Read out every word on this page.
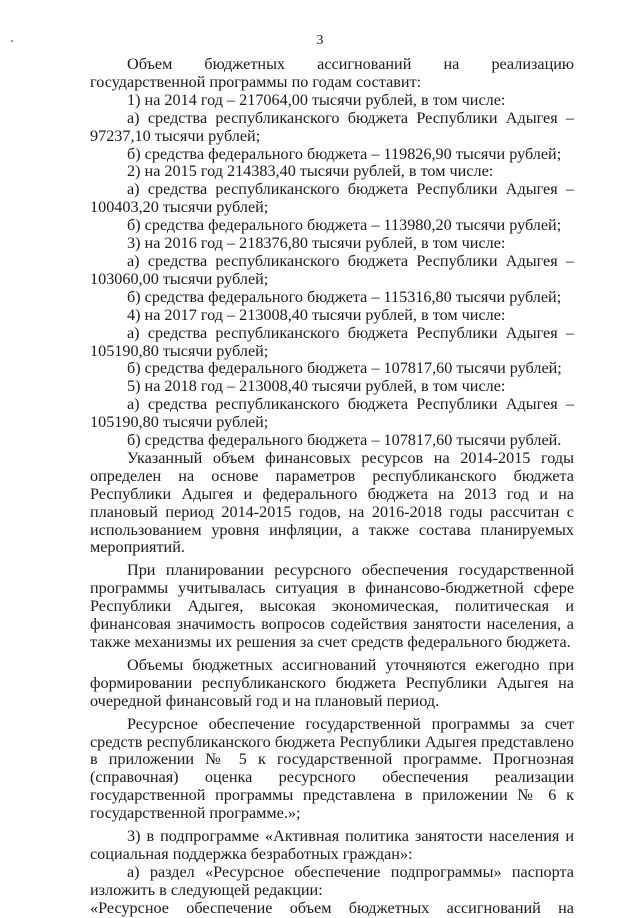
3

Объем бюджетных ассигнований на реализацию государственной программы по годам составит:

1) на 2014 год – 217064,00 тысячи рублей, в том числе:

а) средства республиканского бюджета Республики Адыгея – 97237,10 тысячи рублей;

б) средства федерального бюджета – 119826,90 тысячи рублей;

2) на 2015 год 214383,40 тысячи рублей, в том числе:

а) средства республиканского бюджета Республики Адыгея – 100403,20 тысячи рублей;

б) средства федерального бюджета – 113980,20 тысячи рублей;

3) на 2016 год – 218376,80 тысячи рублей, в том числе:

а) средства республиканского бюджета Республики Адыгея – 103060,00 тысячи рублей;

б) средства федерального бюджета – 115316,80 тысячи рублей;

4) на 2017 год – 213008,40 тысячи рублей, в том числе:

а) средства республиканского бюджета Республики Адыгея – 105190,80 тысячи рублей;

б) средства федерального бюджета – 107817,60 тысячи рублей;

5) на 2018 год – 213008,40 тысячи рублей, в том числе:

а) средства республиканского бюджета Республики Адыгея – 105190,80 тысячи рублей;

б) средства федерального бюджета – 107817,60 тысячи рублей.

Указанный объем финансовых ресурсов на 2014-2015 годы определен на основе параметров республиканского бюджета Республики Адыгея и федерального бюджета на 2013 год и на плановый период 2014-2015 годов, на 2016-2018 годы рассчитан с использованием уровня инфляции, а также состава планируемых мероприятий.

При планировании ресурсного обеспечения государственной программы учитывалась ситуация в финансово-бюджетной сфере Республики Адыгея, высокая экономическая, политическая и финансовая значимость вопросов содействия занятости населения, а также механизмы их решения за счет средств федерального бюджета.

Объемы бюджетных ассигнований уточняются ежегодно при формировании республиканского бюджета Республики Адыгея на очередной финансовый год и на плановый период.

Ресурсное обеспечение государственной программы за счет средств республиканского бюджета Республики Адыгея представлено в приложении № 5 к государственной программе. Прогнозная (справочная) оценка ресурсного обеспечения реализации государственной программы представлена в приложении № 6 к государственной программе.»;

3) в подпрограмме «Активная политика занятости населения и социальная поддержка безработных граждан»:

а) раздел «Ресурсное обеспечение подпрограммы» паспорта изложить в следующей редакции:

«Ресурсное обеспечение объем бюджетных ассигнований на
